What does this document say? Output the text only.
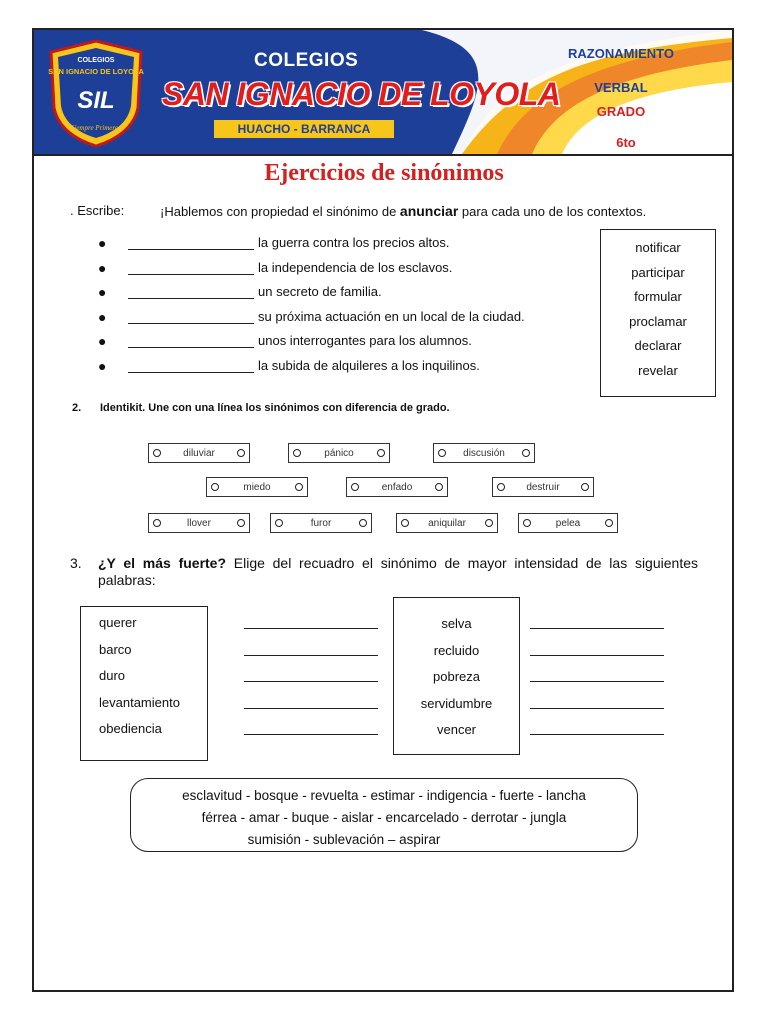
COLEGIOS
SAN IGNACIO DE LOYOLA
SIL
Siempre Primeros
COLEGIOS
SAN IGNACIO DE LOYOLA
HUACHO - BARRANCA
RAZONAMIENTO
VERBAL
GRADO
6to
Ejercicios de sinónimos
. Escribe:	¡Hablemos con propiedad el sinónimo de anunciar para cada uno de los contextos.
●	la guerra contra los precios altos.
●	la independencia de los esclavos.
●	un secreto de familia.
●	su próxima actuación en un local de la ciudad.
●	unos interrogantes para los alumnos.
●	la subida de alquileres a los inquilinos.
notificar
participar
formular
proclamar
declarar
revelar
2. Identikit. Une con una línea los sinónimos con diferencia de grado.
diluviar	pánico	discusión
miedo	enfado	destruir
llover	furor	aniquilar	pelea
3. ¿Y el más fuerte? Elige del recuadro el sinónimo de mayor intensidad de las siguientes palabras:
querer
barco
duro
levantamiento
obediencia
selva
recluido
pobreza
servidumbre
vencer
esclavitud - bosque - revuelta - estimar - indigencia - fuerte - lancha
férrea - amar - buque - aislar - encarcelado - derrotar - jungla
sumisión - sublevación – aspirar
